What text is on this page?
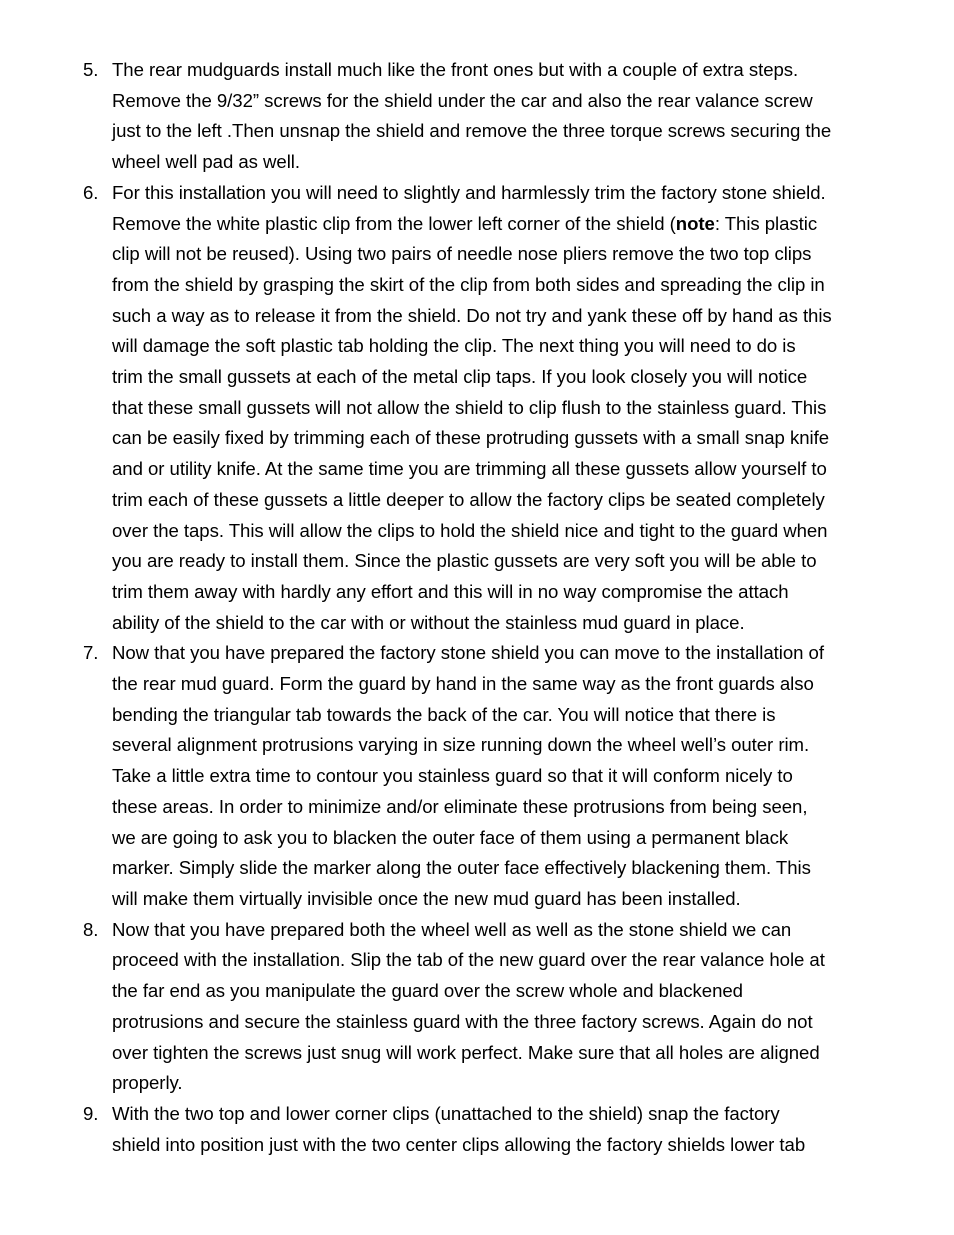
5. The rear mudguards install much like the front ones but with a couple of extra steps.
Remove the 9/32” screws for the shield under the car and also the rear valance screw
just to the left .Then unsnap the shield and remove the three torque screws securing the
wheel well pad as well.
6. For this installation you will need to slightly and harmlessly trim the factory stone shield.
Remove the white plastic clip from the lower left corner of the shield (note: This plastic
clip will not be reused). Using two pairs of needle nose pliers remove the two top clips
from the shield by grasping the skirt of the clip from both sides and spreading the clip in
such a way as to release it from the shield. Do not try and yank these off by hand as this
will damage the soft plastic tab holding the clip. The next thing you will need to do is
trim the small gussets at each of the metal clip taps. If you look closely you will notice
that these small gussets will not allow the shield to clip flush to the stainless guard. This
can be easily fixed by trimming each of these protruding gussets with a small snap knife
and or utility knife. At the same time you are trimming all these gussets allow yourself to
trim each of these gussets a little deeper to allow the factory clips be seated completely
over the taps. This will allow the clips to hold the shield nice and tight to the guard when
you are ready to install them. Since the plastic gussets are very soft you will be able to
trim them away with hardly any effort and this will in no way compromise the attach
ability of the shield to the car with or without the stainless mud guard in place.
7. Now that you have prepared the factory stone shield you can move to the installation of
the rear mud guard. Form the guard by hand in the same way as the front guards also
bending the triangular tab towards the back of the car. You will notice that there is
several alignment protrusions varying in size running down the wheel well’s outer rim.
Take a little extra time to contour you stainless guard so that it will conform nicely to
these areas. In order to minimize and/or eliminate these protrusions from being seen,
we are going to ask you to blacken the outer face of them using a permanent black
marker. Simply slide the marker along the outer face effectively blackening them. This
will make them virtually invisible once the new mud guard has been installed.
8. Now that you have prepared both the wheel well as well as the stone shield we can
proceed with the installation. Slip the tab of the new guard over the rear valance hole at
the far end as you manipulate the guard over the screw whole and blackened
protrusions and secure the stainless guard with the three factory screws. Again do not
over tighten the screws just snug will work perfect. Make sure that all holes are aligned
properly.
9. With the two top and lower corner clips (unattached to the shield) snap the factory
shield into position just with the two center clips allowing the factory shields lower tab
